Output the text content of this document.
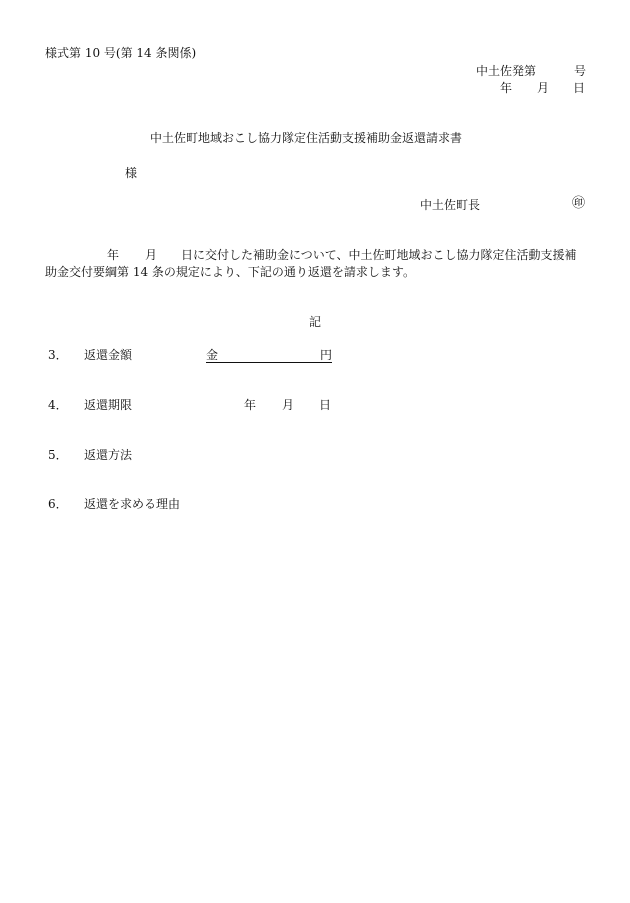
様式第 10 号(第 14 条関係)
中土佐発第	号
年 月 日
中土佐町地域おこし協力隊定住活動支援補助金返還請求書
様
中土佐町長	㊞
年 月 日に交付した補助金について、中土佐町地域おこし協力隊定住活動支援補
助金交付要綱第 14 条の規定により、下記の通り返還を請求します。
記
3． 返還金額	金	円
4． 返還期限	年 月 日
5． 返還方法
6． 返還を求める理由
